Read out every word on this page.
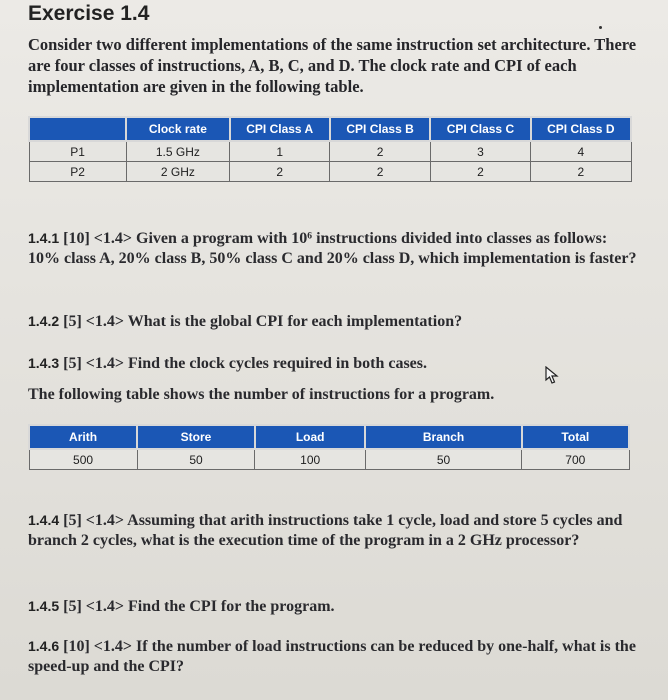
Exercise 1.4
Consider two different implementations of the same instruction set architecture. There are four classes of instructions, A, B, C, and D. The clock rate and CPI of each implementation are given in the following table.
	Clock rate	CPI Class A	CPI Class B	CPI Class C	CPI Class D
P1	1.5 GHz	1	2	3	4
P2	2 GHz	2	2	2	2
1.4.1 [10] <1.4> Given a program with 10⁶ instructions divided into classes as follows: 10% class A, 20% class B, 50% class C and 20% class D, which implementation is faster?
1.4.2 [5] <1.4> What is the global CPI for each implementation?
1.4.3 [5] <1.4> Find the clock cycles required in both cases.
The following table shows the number of instructions for a program.
Arith	Store	Load	Branch	Total
500	50	100	50	700
1.4.4 [5] <1.4> Assuming that arith instructions take 1 cycle, load and store 5 cycles and branch 2 cycles, what is the execution time of the program in a 2 GHz processor?
1.4.5 [5] <1.4> Find the CPI for the program.
1.4.6 [10] <1.4> If the number of load instructions can be reduced by one-half, what is the speed-up and the CPI?
